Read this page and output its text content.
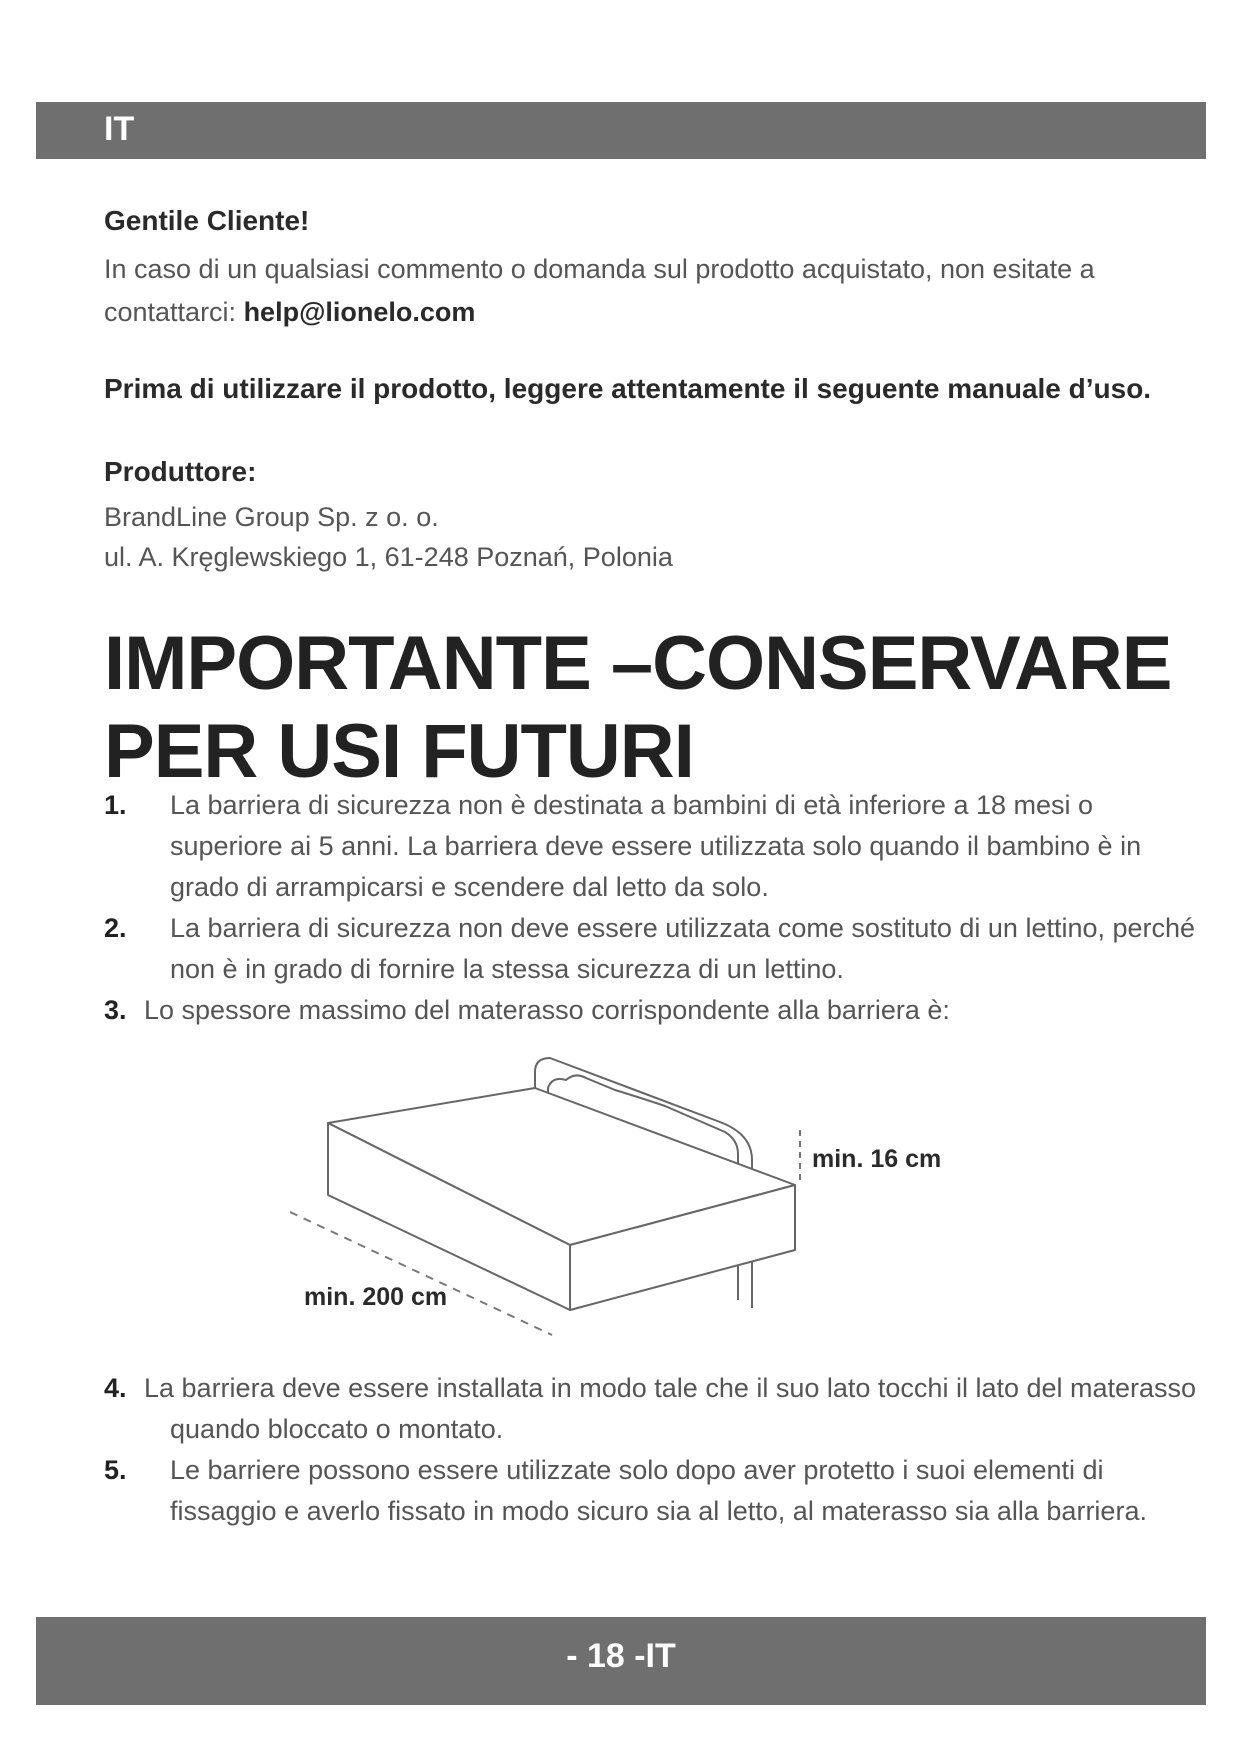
IT

Gentile Cliente!

In caso di un qualsiasi commento o domanda sul prodotto acquistato, non esitate a contattarci: help@lionelo.com

Prima di utilizzare il prodotto, leggere attentamente il seguente manuale d’uso.

Produttore:

BrandLine Group Sp. z o. o.
ul. A. Kręglewskiego 1, 61-248 Poznań, Polonia
IMPORTANTE –CONSERVARE PER USI FUTURI
1. La barriera di sicurezza non è destinata a bambini di età inferiore a 18 mesi o superiore ai 5 anni. La barriera deve essere utilizzata solo quando il bambino è in grado di arrampicarsi e scendere dal letto da solo.
2. La barriera di sicurezza non deve essere utilizzata come sostituto di un lettino, perché non è in grado di fornire la stessa sicurezza di un lettino.
3. Lo spessore massimo del materasso corrispondente alla barriera è:
min. 16 cm
min. 200 cm
4. La barriera deve essere installata in modo tale che il suo lato tocchi il lato del materasso quando bloccato o montato.
5. Le barriere possono essere utilizzate solo dopo aver protetto i suoi elementi di fissaggio e averlo fissato in modo sicuro sia al letto, al materasso sia alla barriera.
- 18 -IT
